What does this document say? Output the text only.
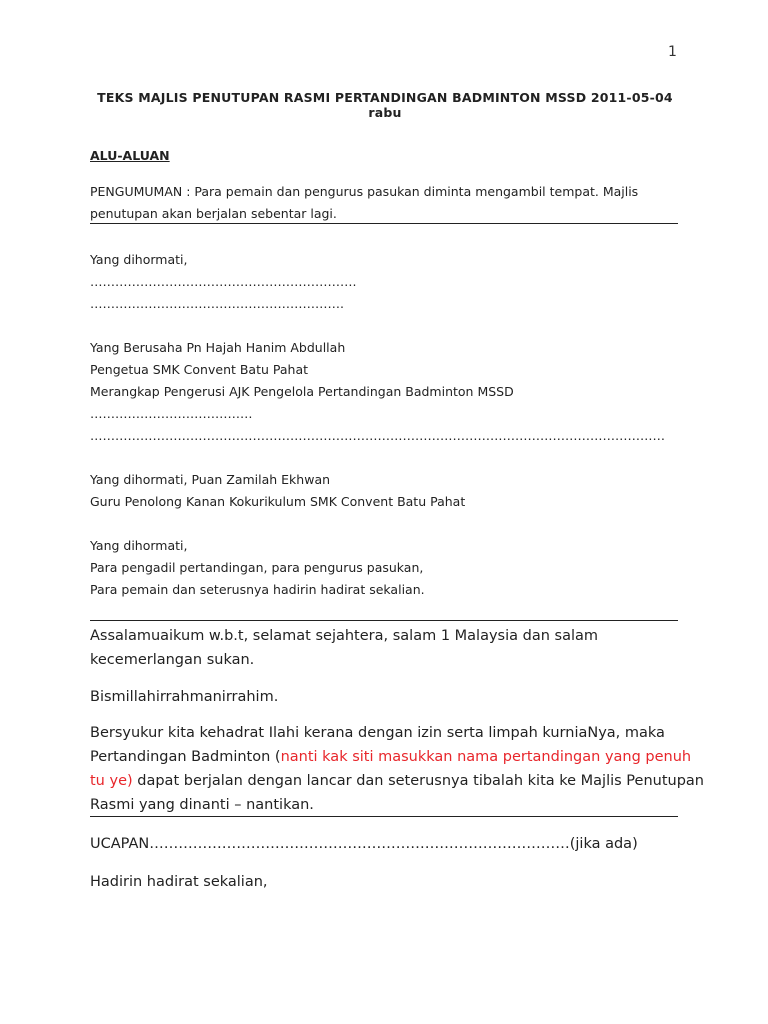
1
TEKS MAJLIS PENUTUPAN RASMI PERTANDINGAN BADMINTON MSSD 2011-05-04
rabu
ALU-ALUAN
PENGUMUMAN : Para pemain dan pengurus pasukan diminta mengambil tempat. Majlis
penutupan akan berjalan sebentar lagi.
Yang dihormati,
……………………………………………………….
…………………………………………………….
Yang Berusaha Pn Hajah Hanim Abdullah
Pengetua SMK Convent Batu Pahat
Merangkap Pengerusi AJK Pengelola Pertandingan Badminton MSSD
…………………………………
…………………………………………………………………………………………………………………………
Yang dihormati, Puan Zamilah Ekhwan
Guru Penolong Kanan Kokurikulum SMK Convent Batu Pahat
Yang dihormati,
Para pengadil pertandingan, para pengurus pasukan,
Para pemain dan seterusnya hadirin hadirat sekalian.
Assalamuaikum w.b.t, selamat sejahtera, salam 1 Malaysia dan salam
kecemerlangan sukan.
Bismillahirrahmanirrahim.
Bersyukur kita kehadrat Ilahi kerana dengan izin serta limpah kurniaNya, maka
Pertandingan Badminton (nanti kak siti masukkan nama pertandingan yang penuh
tu ye) dapat berjalan dengan lancar dan seterusnya tibalah kita ke Majlis Penutupan
Rasmi yang dinanti – nantikan.
UCAPAN……………………………………………………………………………(jika ada)
Hadirin hadirat sekalian,
